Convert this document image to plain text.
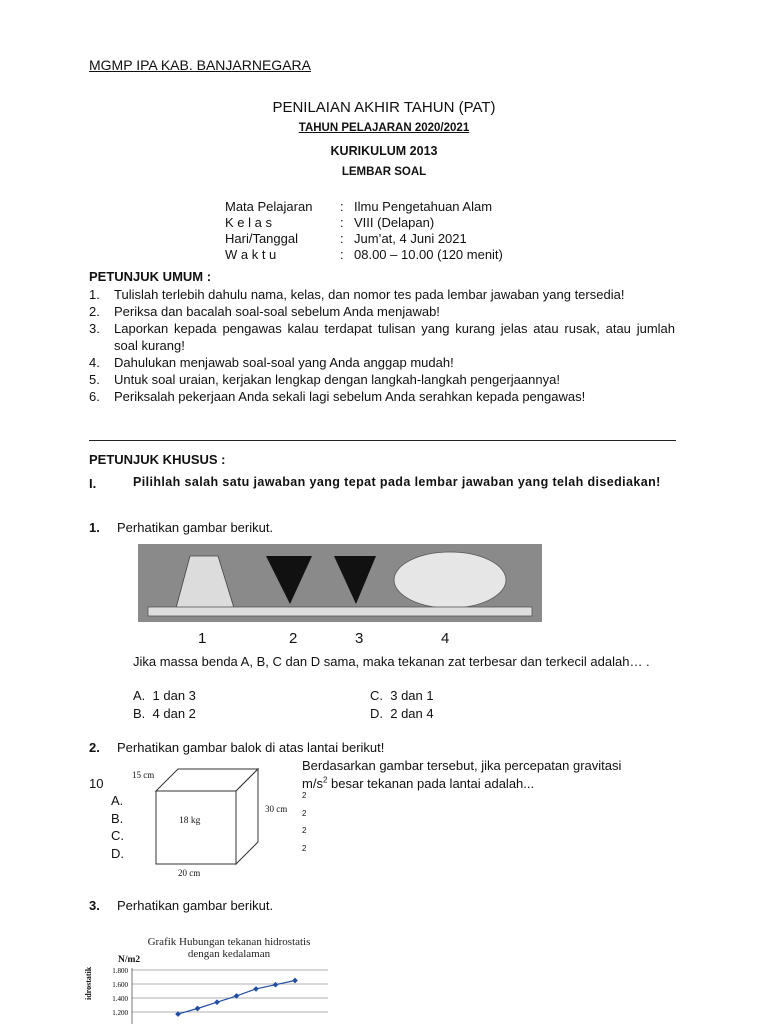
MGMP IPA KAB. BANJARNEGARA
PENILAIAN AKHIR TAHUN (PAT)
TAHUN PELAJARAN 2020/2021
KURIKULUM 2013
LEMBAR SOAL
Mata Pelajaran : Ilmu Pengetahuan Alam
K e l a s	: VIII (Delapan)
Hari/Tanggal	: Jum’at, 4 Juni 2021
W a k t u	: 08.00 – 10.00 (120 menit)
PETUNJUK UMUM :
1. Tulislah terlebih dahulu nama, kelas, dan nomor tes pada lembar jawaban yang tersedia!
2. Periksa dan bacalah soal-soal sebelum Anda menjawab!
3. Laporkan kepada pengawas kalau terdapat tulisan yang kurang jelas atau rusak, atau jumlah soal kurang!
4. Dahulukan menjawab soal-soal yang Anda anggap mudah!
5. Untuk soal uraian, kerjakan lengkap dengan langkah-langkah pengerjaannya!
6. Periksalah pekerjaan Anda sekali lagi sebelum Anda serahkan kepada pengawas!
PETUNJUK KHUSUS :
I.	Pilihlah salah satu jawaban yang tepat pada lembar jawaban yang telah disediakan!
1. Perhatikan gambar berikut.
1	2	3	4
Jika massa benda A, B, C dan D sama, maka tekanan zat terbesar dan terkecil adalah… .
A. 1 dan 3	C. 3 dan 1
B. 4 dan 2	D. 2 dan 4
2. Perhatikan gambar balok di atas lantai berikut!
Berdasarkan gambar tersebut, jika percepatan gravitasi
10	$m/s^2$ besar tekanan pada lantai adalah...
A.
B.
C.
D.
2
2
2
2
15 cm
30 cm
20 cm
18 kg
3. Perhatikan gambar berikut.
Grafik Hubungan tekanan hidrostatis
dengan kedalaman
N/m2
idrostatik
1.200
1.400
1.600
1.800
